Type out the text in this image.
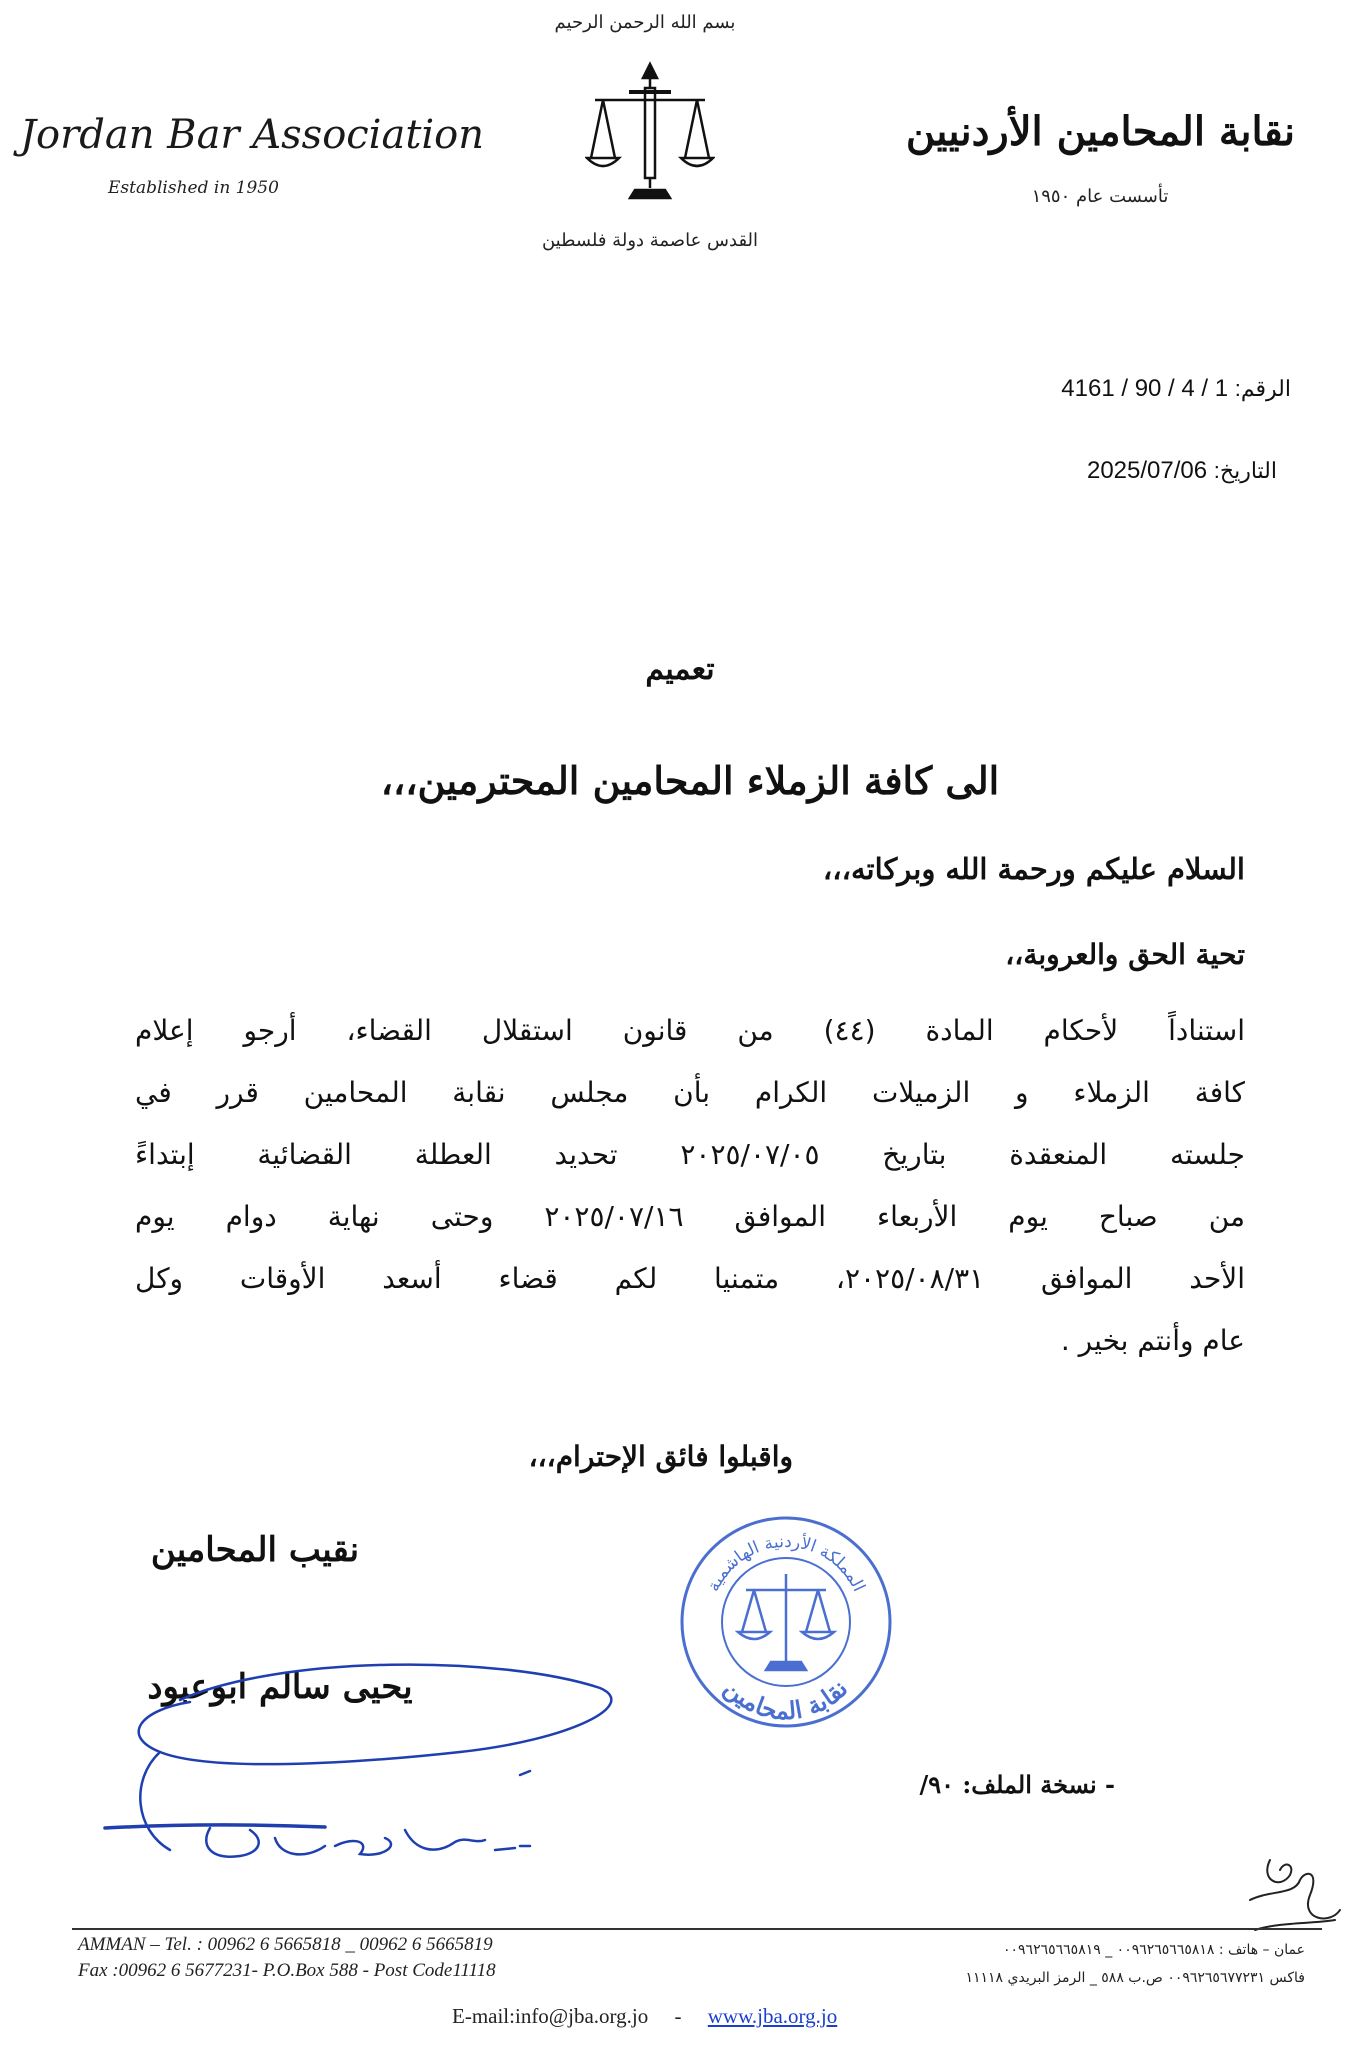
Jordan Bar Association
Established in 1950
بسم الله الرحمن الرحيم
القدس عاصمة دولة فلسطين
نقابة المحامين الأردنيين
تأسست عام ١٩٥٠
الرقم: 4161 / 90 / 4 / 1
التاريخ: 2025/07/06
تعميم
الى كافة الزملاء المحامين المحترمين،،،
السلام عليكم ورحمة الله وبركاته،،،
تحية الحق والعروبة،،
استناداً لأحكام المادة (٤٤) من قانون استقلال القضاء، أرجو إعلام
كافة الزملاء و الزميلات الكرام بأن مجلس نقابة المحامين قرر في
جلسته المنعقدة بتاريخ ٢٠٢٥/٠٧/٠٥ تحديد العطلة القضائية إبتداءً
من صباح يوم الأربعاء الموافق ٢٠٢٥/٠٧/١٦ وحتى نهاية دوام يوم
الأحد الموافق ٢٠٢٥/٠٨/٣١، متمنيا لكم قضاء أسعد الأوقات وكل
عام وأنتم بخير .
واقبلوا فائق الإحترام،،،
نقيب المحامين
يحيى سالم ابوعبود
المملكة الأردنية الهاشمية
نقابة المحامين
- نسخة الملف: ٩٠/
AMMAN – Tel. : 00962 6 5665818 _ 00962 6 5665819
Fax :00962 6 5677231- P.O.Box 588 - Post Code11118
عمان – هاتف : ٠٠٩٦٢٦٥٦٦٥٨١٨ _ ٠٠٩٦٢٦٥٦٦٥٨١٩
فاكس ٠٠٩٦٢٦٥٦٧٧٢٣١ ص.ب ٥٨٨ _ الرمز البريدي ١١١١٨
E-mail:info@jba.org.jo - www.jba.org.jo
